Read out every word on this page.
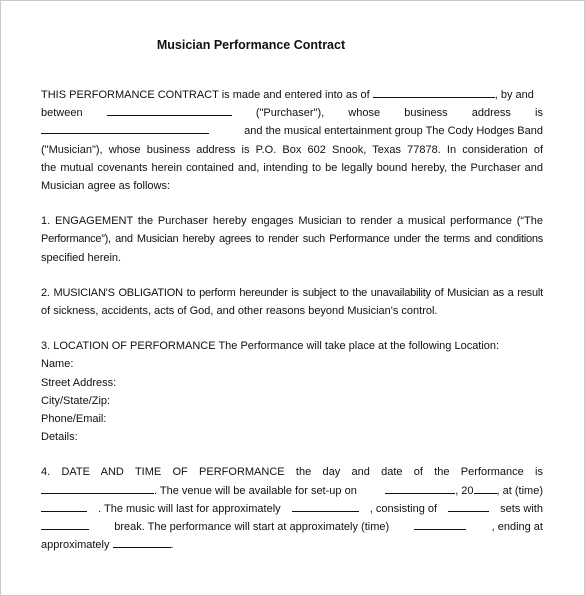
Musician Performance Contract
THIS PERFORMANCE CONTRACT is made and entered into as of	, by and
between	("Purchaser"), whose business address is
and the musical entertainment group The Cody Hodges Band
("Musician"), whose business address is P.O. Box 602 Snook, Texas 77878. In consideration of
the mutual covenants herein contained and, intending to be legally bound hereby, the Purchaser and
Musician agree as follows:
1. ENGAGEMENT the Purchaser hereby engages Musician to render a musical performance (“The
Performance”), and Musician hereby agrees to render such Performance under the terms and conditions
specified herein.
2. MUSICIAN'S OBLIGATION to perform hereunder is subject to the unavailability of Musician as a result
of sickness, accidents, acts of God, and other reasons beyond Musician's control.
3. LOCATION OF PERFORMANCE The Performance will take place at the following Location:
Name:
Street Address:
City/State/Zip:
Phone/Email:
Details:
4. DATE AND TIME OF PERFORMANCE the day and date of the Performance is
. The venue will be available for set-up on	, 20 , at (time)
. The music will last for approximately	, consisting of	sets with
break. The performance will start at approximately (time)	, ending at
approximately	.
